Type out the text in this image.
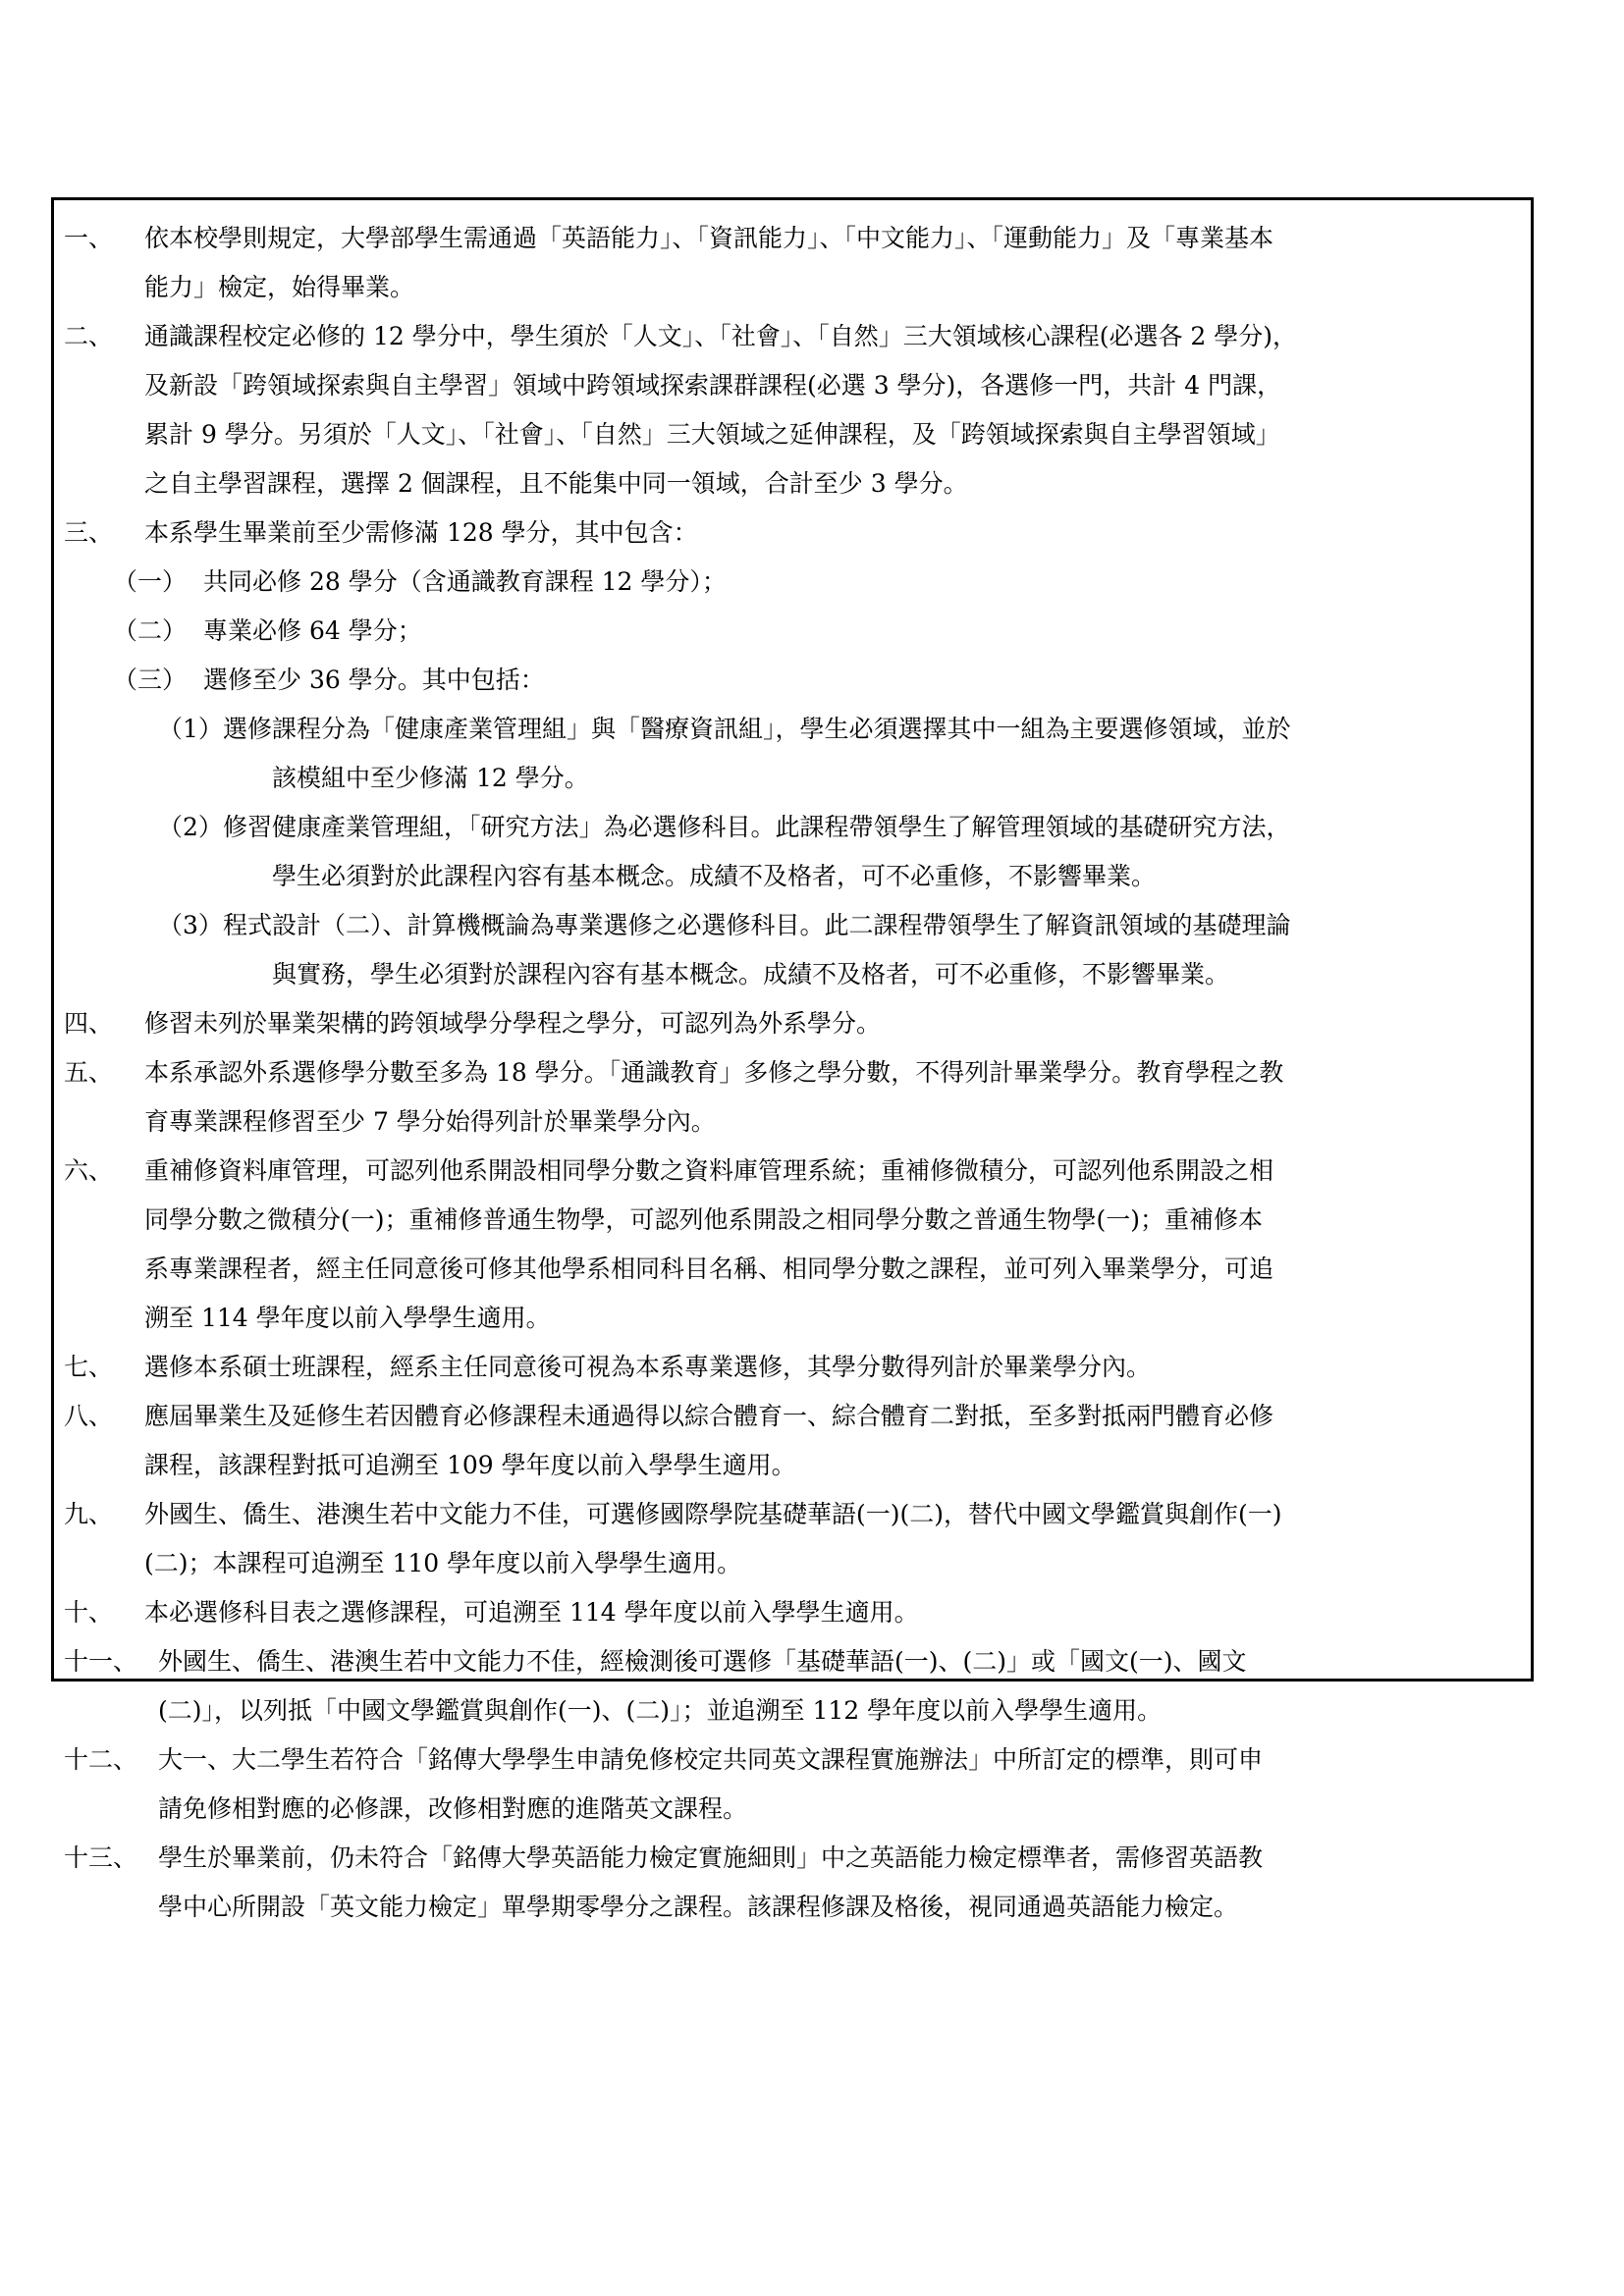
一、	依本校學則規定，大學部學生需通過「英語能力」、「資訊能力」、「中文能力」、「運動能力」及「專業基本
能力」檢定，始得畢業。
二、	通識課程校定必修的 12 學分中，學生須於「人文」、「社會」、「自然」三大領域核心課程(必選各 2 學分)，
及新設「跨領域探索與自主學習」領域中跨領域探索課群課程(必選 3 學分)，各選修一門，共計 4 門課，
累計 9 學分。另須於「人文」、「社會」、「自然」三大領域之延伸課程，及「跨領域探索與自主學習領域」
之自主學習課程，選擇 2 個課程，且不能集中同一領域，合計至少 3 學分。
三、	本系學生畢業前至少需修滿 128 學分，其中包含：
（一） 共同必修 28 學分（含通識教育課程 12 學分）；
（二） 專業必修 64 學分；
（三） 選修至少 36 學分。其中包括：
（1） 選修課程分為「健康產業管理組」與「醫療資訊組」，學生必須選擇其中一組為主要選修領域，並於
該模組中至少修滿 12 學分。
（2） 修習健康產業管理組，「研究方法」為必選修科目。此課程帶領學生了解管理領域的基礎研究方法，
學生必須對於此課程內容有基本概念。成績不及格者，可不必重修，不影響畢業。
（3） 程式設計（二）、計算機概論為專業選修之必選修科目。此二課程帶領學生了解資訊領域的基礎理論
與實務，學生必須對於課程內容有基本概念。成績不及格者，可不必重修，不影響畢業。
四、	修習未列於畢業架構的跨領域學分學程之學分，可認列為外系學分。
五、	本系承認外系選修學分數至多為 18 學分。「通識教育」多修之學分數，不得列計畢業學分。教育學程之教
育專業課程修習至少 7 學分始得列計於畢業學分內。
六、	重補修資料庫管理，可認列他系開設相同學分數之資料庫管理系統；重補修微積分，可認列他系開設之相
同學分數之微積分(一)；重補修普通生物學，可認列他系開設之相同學分數之普通生物學(一)；重補修本
系專業課程者，經主任同意後可修其他學系相同科目名稱、相同學分數之課程，並可列入畢業學分，可追
溯至 114 學年度以前入學學生適用。
七、	選修本系碩士班課程，經系主任同意後可視為本系專業選修，其學分數得列計於畢業學分內。
八、	應屆畢業生及延修生若因體育必修課程未通過得以綜合體育一、綜合體育二對抵，至多對抵兩門體育必修
課程，該課程對抵可追溯至 109 學年度以前入學學生適用。
九、	外國生、僑生、港澳生若中文能力不佳，可選修國際學院基礎華語(一)(二)，替代中國文學鑑賞與創作(一)
(二)；本課程可追溯至 110 學年度以前入學學生適用。
十、	本必選修科目表之選修課程，可追溯至 114 學年度以前入學學生適用。
十一、 外國生、僑生、港澳生若中文能力不佳，經檢測後可選修「基礎華語(一)、(二)」或「國文(一)、國文
(二)」，以列抵「中國文學鑑賞與創作(一)、(二)」；並追溯至 112 學年度以前入學學生適用。
十二、 大一、大二學生若符合「銘傳大學學生申請免修校定共同英文課程實施辦法」中所訂定的標準，則可申
請免修相對應的必修課，改修相對應的進階英文課程。
十三、 學生於畢業前，仍未符合「銘傳大學英語能力檢定實施細則」中之英語能力檢定標準者，需修習英語教
學中心所開設「英文能力檢定」單學期零學分之課程。該課程修課及格後，視同通過英語能力檢定。
